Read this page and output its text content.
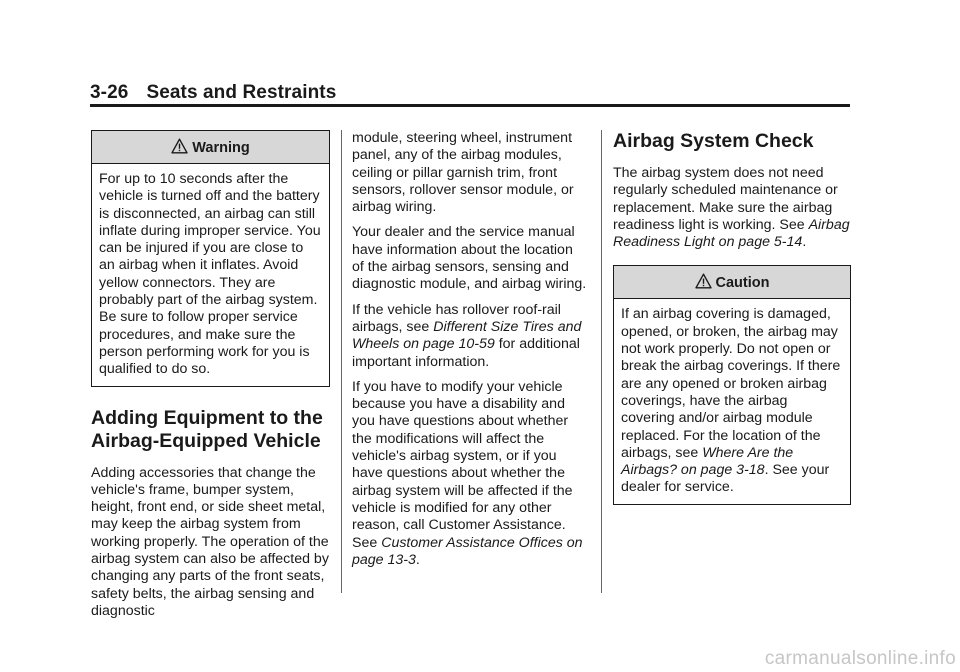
3-26 Seats and Restraints
Warning
For up to 10 seconds after the vehicle is turned off and the battery is disconnected, an airbag can still inflate during improper service. You can be injured if you are close to an airbag when it inflates. Avoid yellow connectors. They are probably part of the airbag system. Be sure to follow proper service procedures, and make sure the person performing work for you is qualified to do so.
Adding Equipment to the
Airbag-Equipped Vehicle

Adding accessories that change the vehicle's frame, bumper system, height, front end, or side sheet metal, may keep the airbag system from working properly. The operation of the airbag system can also be affected by changing any parts of the front seats, safety belts, the airbag sensing and diagnostic

module, steering wheel, instrument panel, any of the airbag modules, ceiling or pillar garnish trim, front sensors, rollover sensor module, or airbag wiring.

Your dealer and the service manual have information about the location of the airbag sensors, sensing and diagnostic module, and airbag wiring.

If the vehicle has rollover roof-rail airbags, see Different Size Tires and Wheels on page 10-59 for additional important information.

If you have to modify your vehicle because you have a disability and you have questions about whether the modifications will affect the vehicle's airbag system, or if you have questions about whether the airbag system will be affected if the vehicle is modified for any other reason, call Customer Assistance. See Customer Assistance Offices on page 13-3.

Airbag System Check

The airbag system does not need regularly scheduled maintenance or replacement. Make sure the airbag readiness light is working. See Airbag Readiness Light on page 5-14.

Caution
If an airbag covering is damaged, opened, or broken, the airbag may not work properly. Do not open or break the airbag coverings. If there are any opened or broken airbag coverings, have the airbag covering and/or airbag module replaced. For the location of the airbags, see Where Are the Airbags? on page 3-18. See your dealer for service.
carmanualsonline.info
